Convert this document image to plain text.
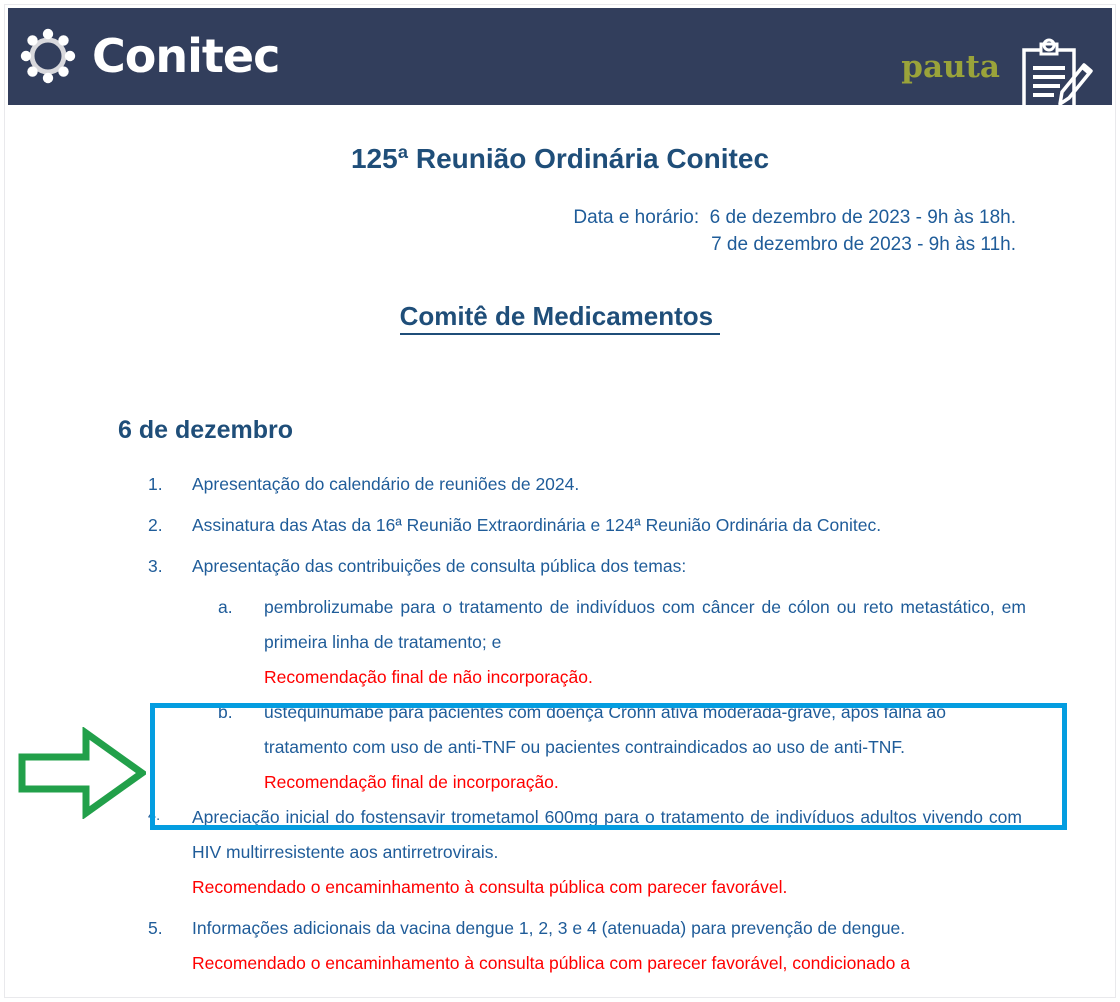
Conitec	pauta
125ª Reunião Ordinária Conitec
Data e horário:  6 de dezembro de 2023 - 9h às 18h.
7 de dezembro de 2023 - 9h às 11h.
Comitê de Medicamentos
6 de dezembro
1.	Apresentação do calendário de reuniões de 2024.
2.	Assinatura das Atas da 16ª Reunião Extraordinária e 124ª Reunião Ordinária da Conitec.
3.	Apresentação das contribuições de consulta pública dos temas:
a.	pembrolizumabe para o tratamento de indivíduos com câncer de cólon ou reto metastático, em primeira linha de tratamento; e
Recomendação final de não incorporação.
b.	ustequinumabe para pacientes com doença Crohn ativa moderada-grave, após falha ao tratamento com uso de anti-TNF ou pacientes contraindicados ao uso de anti-TNF.
Recomendação final de incorporação.
4.	Apreciação inicial do fostensavir trometamol 600mg para o tratamento de indivíduos adultos vivendo com HIV multirresistente aos antirretrovirais.
Recomendado o encaminhamento à consulta pública com parecer favorável.
5.	Informações adicionais da vacina dengue 1, 2, 3 e 4 (atenuada) para prevenção de dengue.
Recomendado o encaminhamento à consulta pública com parecer favorável, condicionado a
